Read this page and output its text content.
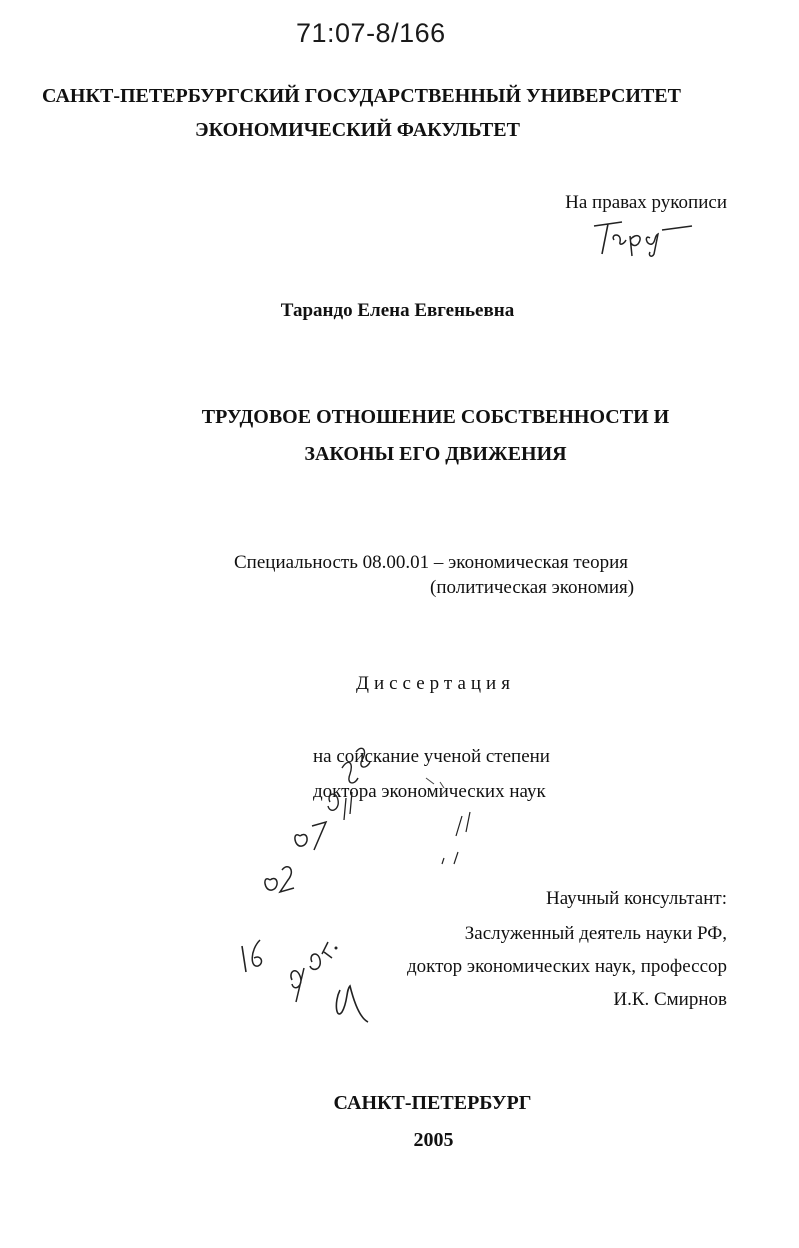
71:07-8/166
САНКТ-ПЕТЕРБУРГСКИЙ ГОСУДАРСТВЕННЫЙ УНИВЕРСИТЕТ
ЭКОНОМИЧЕСКИЙ ФАКУЛЬТЕТ
На правах рукописи
Тарандо Елена Евгеньевна
ТРУДОВОЕ ОТНОШЕНИЕ СОБСТВЕННОСТИ И
ЗАКОНЫ ЕГО ДВИЖЕНИЯ
Специальность 08.00.01 – экономическая теория
(политическая экономия)
Диссертация
на соискание ученой степени
доктора экономических наук
Научный консультант:
Заслуженный деятель науки РФ,
доктор экономических наук, профессор
И.К. Смирнов
САНКТ-ПЕТЕРБУРГ
2005
